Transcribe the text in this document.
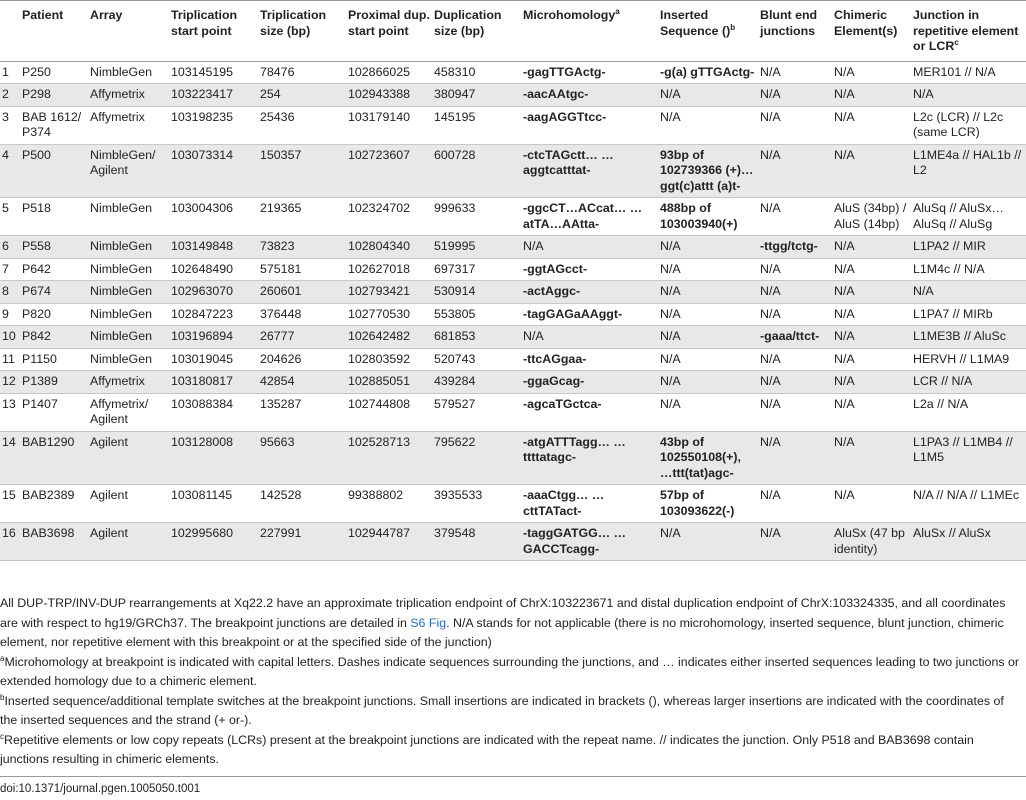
	Patient	Array	Triplication start point	Triplication size (bp)	Proximal dup. start point	Duplication size (bp)	Microhomology$^a$	Inserted Sequence ()$^b$	Blunt end junctions	Chimeric Element(s)	Junction in repetitive element or LCR$^c$
1	P250	NimbleGen	103145195	78476	102866025	458310	-gagTTGActg-	-g(a) gTTGActg-	N/A	N/A	MER101 // N/A
2	P298	Affymetrix	103223417	254	102943388	380947	-aacAAtgc-	N/A	N/A	N/A	N/A
3	BAB 1612/ P374	Affymetrix	103198235	25436	103179140	145195	-aagAGGTtcc-	N/A	N/A	N/A	L2c (LCR) // L2c (same LCR)
4	P500	NimbleGen/ Agilent	103073314	150357	102723607	600728	-ctcTAGctt… …aggtcatttat-	93bp of 102739366 (+)…ggt(c)attt (a)t-	N/A	N/A	L1ME4a // HAL1b // L2
5	P518	NimbleGen	103004306	219365	102324702	999633	-ggcCT…ACcat… …atTA…AAtta-	488bp of 103003940(+)	N/A	AluS (34bp) / AluS (14bp)	AluSq // AluSx…AluSq // AluSg
6	P558	NimbleGen	103149848	73823	102804340	519995	N/A	N/A	-ttgg/tctg-	N/A	L1PA2 // MIR
7	P642	NimbleGen	102648490	575181	102627018	697317	-ggtAGcct-	N/A	N/A	N/A	L1M4c // N/A
8	P674	NimbleGen	102963070	260601	102793421	530914	-actAggc-	N/A	N/A	N/A	N/A
9	P820	NimbleGen	102847223	376448	102770530	553805	-tagGAGaAAggt-	N/A	N/A	N/A	L1PA7 // MIRb
10	P842	NimbleGen	103196894	26777	102642482	681853	N/A	N/A	-gaaa/ttct-	N/A	L1ME3B // AluSc
11	P1150	NimbleGen	103019045	204626	102803592	520743	-ttcAGgaa-	N/A	N/A	N/A	HERVH // L1MA9
12	P1389	Affymetrix	103180817	42854	102885051	439284	-ggaGcag-	N/A	N/A	N/A	LCR // N/A
13	P1407	Affymetrix/ Agilent	103088384	135287	102744808	579527	-agcaTGctca-	N/A	N/A	N/A	L2a // N/A
14	BAB1290	Agilent	103128008	95663	102528713	795622	-atgATTTagg… …ttttatagc-	43bp of 102550108(+), …ttt(tat)agc-	N/A	N/A	L1PA3 // L1MB4 // L1M5
15	BAB2389	Agilent	103081145	142528	99388802	3935533	-aaaCtgg… …cttTATact-	57bp of 103093622(-)	N/A	N/A	N/A // N/A // L1MEc
16	BAB3698	Agilent	102995680	227991	102944787	379548	-taggGATGG… …GACCTcagg-	N/A	N/A	AluSx (47 bp identity)	AluSx // AluSx

All DUP-TRP/INV-DUP rearrangements at Xq22.2 have an approximate triplication endpoint of ChrX:103223671 and distal duplication endpoint of ChrX:103324335, and all coordinates are with respect to hg19/GRCh37. The breakpoint junctions are detailed in S6 Fig. N/A stands for not applicable (there is no microhomology, inserted sequence, blunt junction, chimeric element, nor repetitive element with this breakpoint or at the specified side of the junction)

$^a$Microhomology at breakpoint is indicated with capital letters. Dashes indicate sequences surrounding the junctions, and … indicates either inserted sequences leading to two junctions or extended homology due to a chimeric element.

$^b$Inserted sequence/additional template switches at the breakpoint junctions. Small insertions are indicated in brackets (), whereas larger insertions are indicated with the coordinates of the inserted sequences and the strand (+ or-).

$^c$Repetitive elements or low copy repeats (LCRs) present at the breakpoint junctions are indicated with the repeat name. // indicates the junction. Only P518 and BAB3698 contain junctions resulting in chimeric elements.

doi:10.1371/journal.pgen.1005050.t001
